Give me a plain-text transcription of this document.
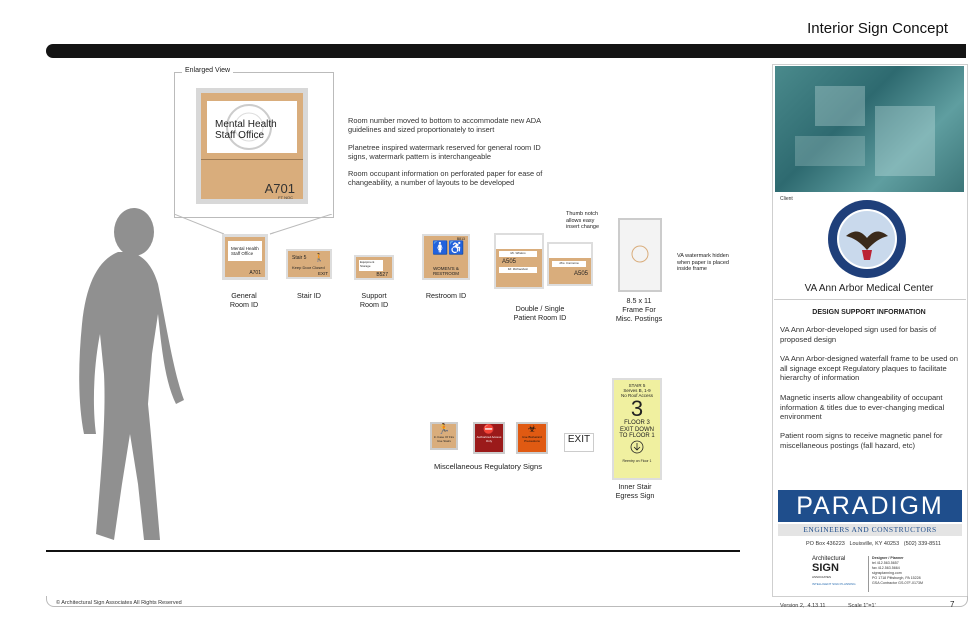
Interior Sign Concept
Enlarged View
Mental Health
Staff Office
A701
FT NOC
Room number moved to bottom to accommodate new ADA guidelines and sized proportionately to insert
Planetree inspired watermark reserved for general room ID signs, watermark pattern is interchangeable
Room occupant information on perforated paper for ease of changeability, a number of layouts to be developed
Mental Health
Staff Office
A701
General
Room ID
Stair 5 🚶
Keep Door Closed
EXIT
Stair ID
Equipment
Storage
B527
Support
Room ID
B813
🚺♿
WOMEN'S &
RESTROOM
Restroom ID
Mr. Winters
A505
Mr. Richardson
Mrs. Carmona
A505
Thumb notch allows easy insert change
Double / Single
Patient Room ID
VA watermark hidden when paper is placed inside frame
8.5 x 11
Frame For
Misc. Postings
🏃
In Case Of Fire Use Stairs
⛔
Authorized Access Only
☣
Use Biohazard Precautions	EXIT
Miscellaneous Regulatory Signs
STAIR 5
Serves B, 1-9
No Roof Access
3
FLOOR 3
EXIT DOWN
TO FLOOR 1
Reentry on Floor 1
Inner Stair
Egress Sign
Client
VA Ann Arbor Medical Center
DESIGN SUPPORT INFORMATION
VA Ann Arbor-developed sign used for basis of proposed design
VA Ann Arbor-designed waterfall frame to be used on all signage except Regulatory plaques to facilitate hierarchy of information
Magnetic inserts allow changeability of occupant information & titles due to ever-changing medical environment
Patient room signs to receive magnetic panel for miscellaneous postings (fall hazard, etc)
PARADIGM
ENGINEERS AND CONSTRUCTORS
PO Box 436223 Louisville, KY 40253 (502) 339-8511
Architectural
SIGN
ASSOCIATES
INTELLIGENT SIGN PLANNING
Designer / Planner
tel 412.563.5657
fax 412.563.5664
signsplanning.com
PO 1718 Pittsburgh, PA 15228
GSA Contractor GS-07F-0173M
© Architectural Sign Associates All Rights Reserved	Version 2, 4.13.11	Scale 1"=1'	7
